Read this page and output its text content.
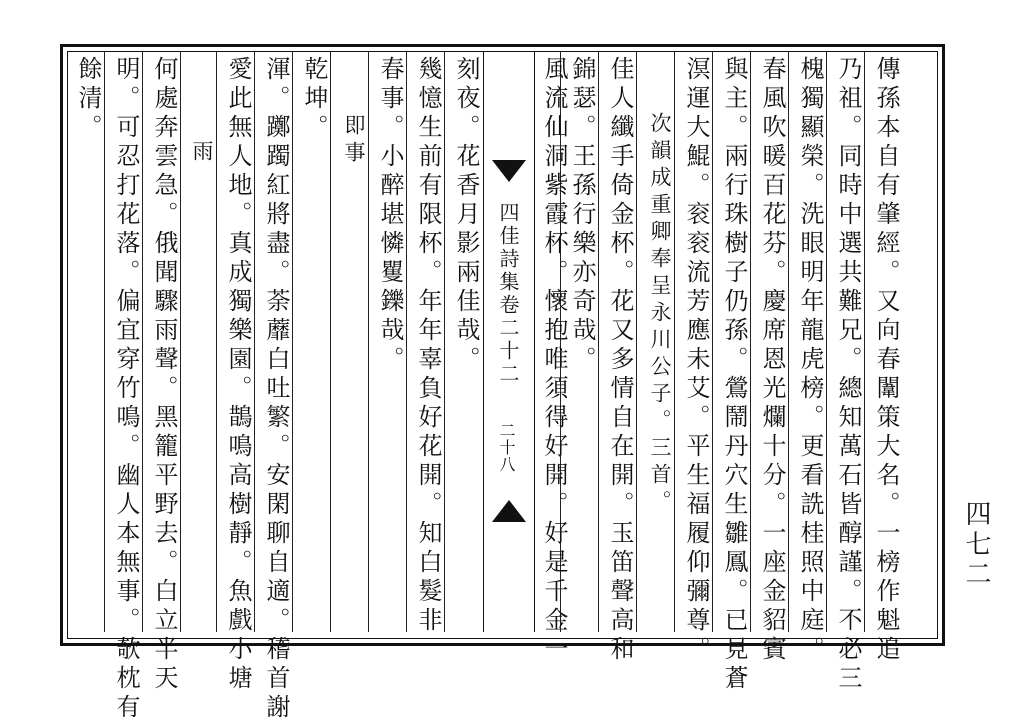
四七二
傳孫本自有肇經。又向春闈策大名。一榜作魁追
乃祖。同時中選共難兄。總知萬石皆醇謹。不必三
槐獨顯榮。洗眼明年龍虎榜。更看詵桂照中庭。
春風吹暖百花芬。慶席恩光爛十分。一座金貂賓
與主。兩行珠樹子仍孫。鶯鬧丹穴生雛鳳。已見蒼
溟運大鯤。衮衮流芳應未艾。平生福履仰彌尊。
次韻成重卿奉呈永川公子。三首。
佳人纖手倚金杯。花又多情自在開。玉笛聲高和
錦瑟。王孫行樂亦奇哉。
四佳詩集卷二十二
二十八 風流仙洞紫霞杯。懷抱唯須得好開。好是千金一
刻夜。花香月影兩佳哉。
幾憶生前有限杯。年年辜負好花開。知白髮非
春事。小醉堪憐矍鑠哉。
即事
乾坤。
渾。躑躅紅將盡。荼蘼白吐繁。安閑聊自適。稽首謝
愛此無人地。真成獨樂園。鵲鳴高樹靜。魚戲小塘
雨
何處奔雲急。俄聞驟雨聲。黑籠平野去。白立半天
明。可忍打花落。偏宜穿竹鳴。幽人本無事。欹枕有
餘清。
